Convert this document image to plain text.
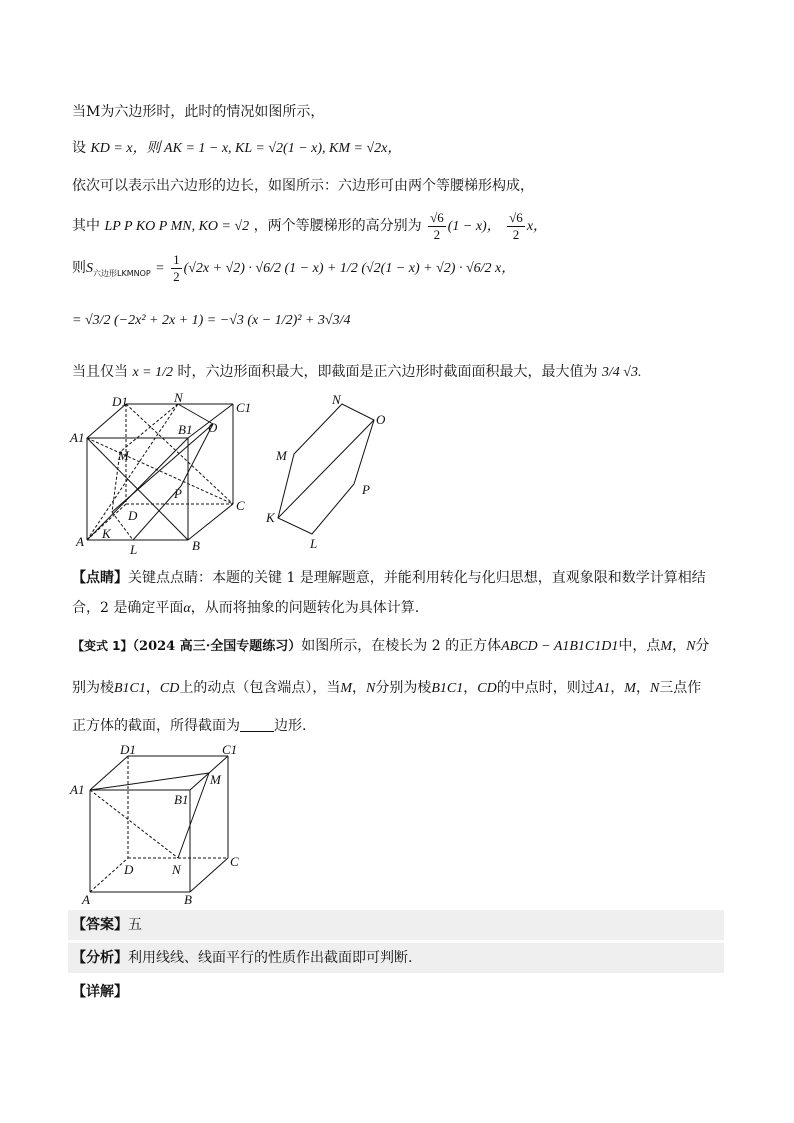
当M为六边形时，此时的情况如图所示，
设 KD = x，则 AK = 1 − x, KL = √2(1 − x), KM = √2x，
依次可以表示出六边形的边长，如图所示：六边形可由两个等腰梯形构成，
其中 LP P KO P MN, KO = √2 ，两个等腰梯形的高分别为 $\frac{√6}{2} (1 - x)$， $\frac{√6}{2}$ x，
则$S_{六边形LKMNOP} = \frac{1}{2} (√2x + √2) \cdot √6/2$ (1 − x) + 1/2 (√2(1 − x) + √2) · √6/2 x，
= √3/2 (−2x² + 2x + 1) = −√3 (x − 1/2)² + 3√3/4
当且仅当 x = 1/2 时，六边形面积最大，即截面是正六边形时截面面积最大，最大值为 3/4 √3.
D1	N
C1
A1
B1 O
M
P
C
D
A
K
L	B
N
O
M
P
K
L
【点睛】关键点点睛：本题的关键 1 是理解题意，并能利用转化与化归思想，直观象限和数学计算相结
合，2 是确定平面α，从而将抽象的问题转化为具体计算.
【变式 1】（2024 高三·全国专题练习）如图所示，在棱长为 2 的正方体ABCD − A1B1C1D1中，点M，N分
别为棱B1C1，CD上的动点（包含端点），当M，N分别为棱B1C1，CD的中点时，则过A1，M，N三点作
正方体的截面，所得截面为 边形.
D1	C1
M
A1
B1
D	N
C
A	B
【答案】五
【分析】利用线线、线面平行的性质作出截面即可判断.
【详解】
